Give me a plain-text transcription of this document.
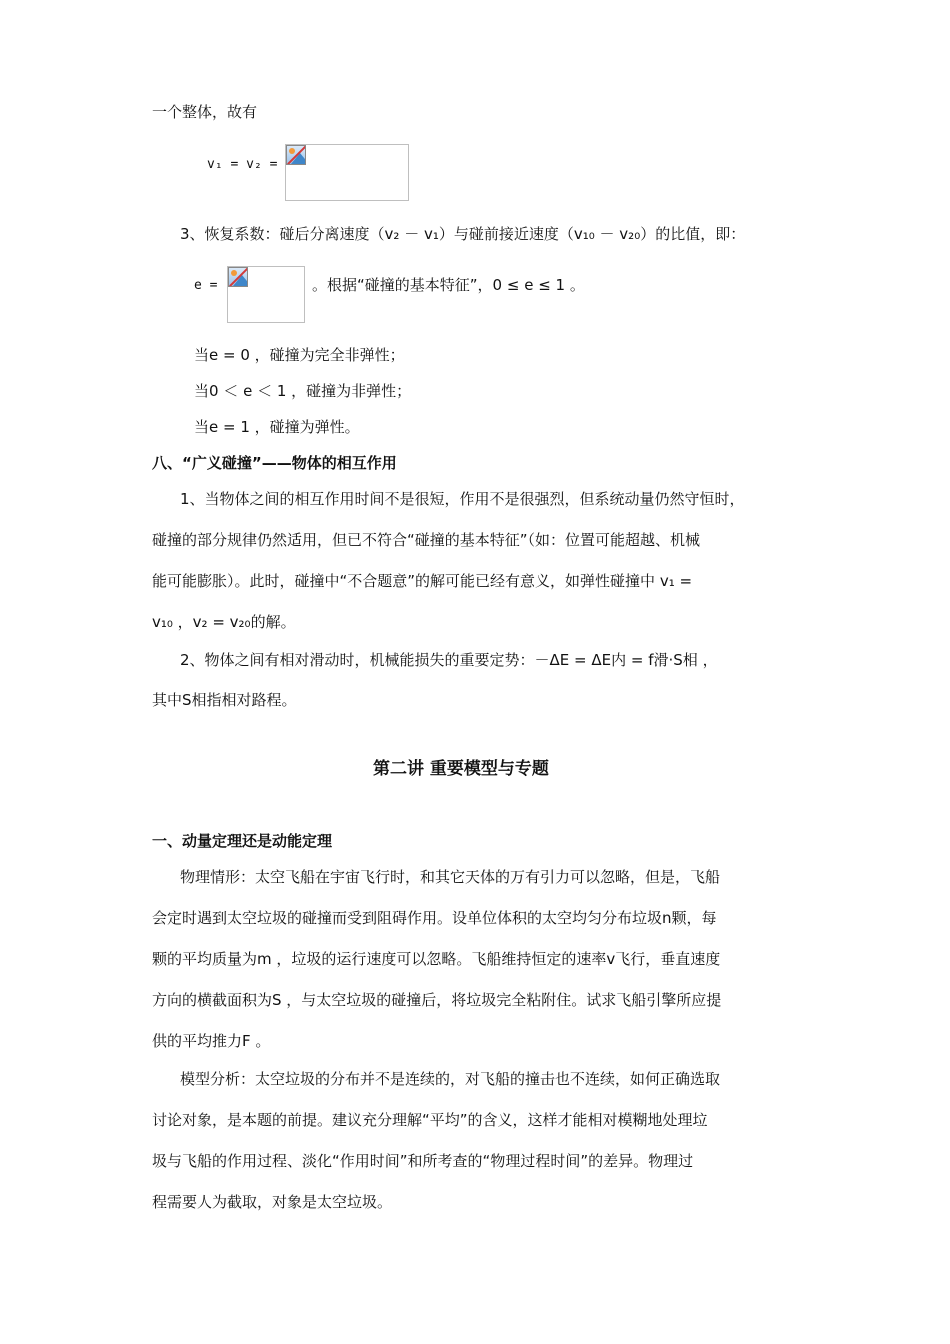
一个整体，故有
v₁ = v₂ =
3、恢复系数：碰后分离速度（v₂ － v₁）与碰前接近速度（v₁₀ － v₂₀）的比值，即：
e =	。根据“碰撞的基本特征”，0 ≤ e ≤ 1 。
当e = 0 ，碰撞为完全非弹性；
当0 ＜ e ＜ 1 ，碰撞为非弹性；
当e = 1 ，碰撞为弹性。
八、“广义碰撞”——物体的相互作用
1、当物体之间的相互作用时间不是很短，作用不是很强烈，但系统动量仍然守恒时，
碰撞的部分规律仍然适用，但已不符合“碰撞的基本特征”（如：位置可能超越、机械
能可能膨胀）。此时，碰撞中“不合题意”的解可能已经有意义，如弹性碰撞中 v₁ =
v₁₀ ，v₂ = v₂₀的解。
2、物体之间有相对滑动时，机械能损失的重要定势：－ΔE = ΔE内 = f滑·S相 ，
其中S相指相对路程。
第二讲 重要模型与专题
一、动量定理还是动能定理
物理情形：太空飞船在宇宙飞行时，和其它天体的万有引力可以忽略，但是，飞船
会定时遇到太空垃圾的碰撞而受到阻碍作用。设单位体积的太空均匀分布垃圾n颗，每
颗的平均质量为m ，垃圾的运行速度可以忽略。飞船维持恒定的速率v飞行，垂直速度
方向的横截面积为S ，与太空垃圾的碰撞后，将垃圾完全粘附住。试求飞船引擎所应提
供的平均推力F 。
模型分析：太空垃圾的分布并不是连续的，对飞船的撞击也不连续，如何正确选取
讨论对象，是本题的前提。建议充分理解“平均”的含义，这样才能相对模糊地处理垃
圾与飞船的作用过程、淡化“作用时间”和所考查的“物理过程时间”的差异。物理过
程需要人为截取，对象是太空垃圾。
